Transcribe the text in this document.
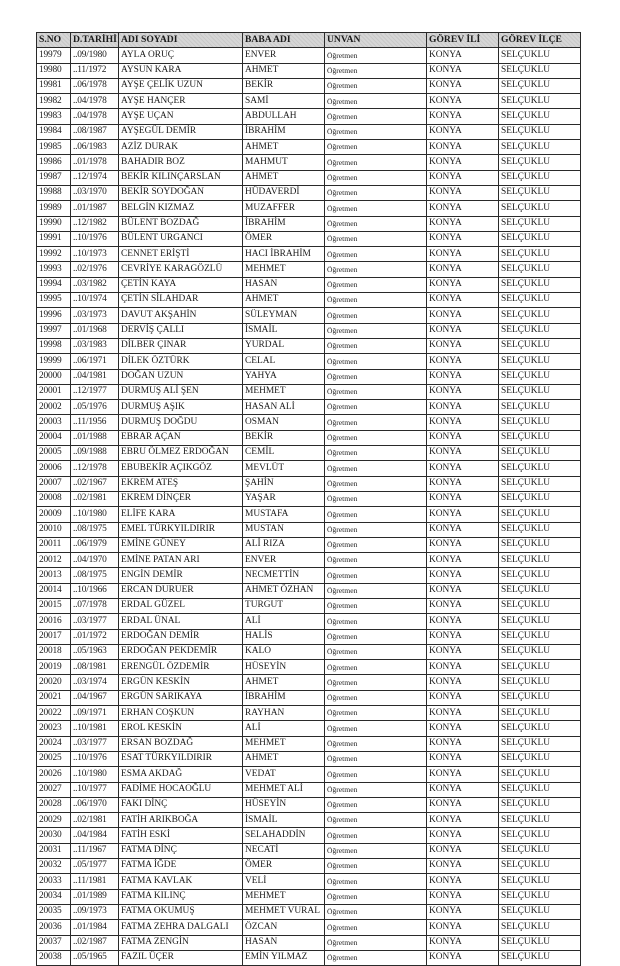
S.NO	D.TARİHİ	ADI SOYADI	BABA ADI	UNVAN	GÖREV İLİ	GÖREV İLÇE
19979	..09/1980	AYLA ORUÇ	ENVER	Öğretmen	KONYA	SELÇUKLU
19980	..11/1972	AYSUN KARA	AHMET	Öğretmen	KONYA	SELÇUKLU
19981	..06/1978	AYŞE ÇELİK UZUN	BEKİR	Öğretmen	KONYA	SELÇUKLU
19982	..04/1978	AYŞE HANÇER	SAMİ	Öğretmen	KONYA	SELÇUKLU
19983	..04/1978	AYŞE UÇAN	ABDULLAH	Öğretmen	KONYA	SELÇUKLU
19984	..08/1987	AYŞEGÜL DEMİR	İBRAHİM	Öğretmen	KONYA	SELÇUKLU
19985	..06/1983	AZİZ DURAK	AHMET	Öğretmen	KONYA	SELÇUKLU
19986	..01/1978	BAHADIR BOZ	MAHMUT	Öğretmen	KONYA	SELÇUKLU
19987	..12/1974	BEKİR KILINÇARSLAN	AHMET	Öğretmen	KONYA	SELÇUKLU
19988	..03/1970	BEKİR SOYDOĞAN	HÜDAVERDİ	Öğretmen	KONYA	SELÇUKLU
19989	..01/1987	BELGİN KIZMAZ	MUZAFFER	Öğretmen	KONYA	SELÇUKLU
19990	..12/1982	BÜLENT BOZDAĞ	İBRAHİM	Öğretmen	KONYA	SELÇUKLU
19991	..10/1976	BÜLENT URGANCI	ÖMER	Öğretmen	KONYA	SELÇUKLU
19992	..10/1973	CENNET ERİŞTİ	HACI İBRAHİM	Öğretmen	KONYA	SELÇUKLU
19993	..02/1976	CEVRİYE KARAGÖZLÜ	MEHMET	Öğretmen	KONYA	SELÇUKLU
19994	..03/1982	ÇETİN KAYA	HASAN	Öğretmen	KONYA	SELÇUKLU
19995	..10/1974	ÇETİN SİLAHDAR	AHMET	Öğretmen	KONYA	SELÇUKLU
19996	..03/1973	DAVUT AKŞAHİN	SÜLEYMAN	Öğretmen	KONYA	SELÇUKLU
19997	..01/1968	DERVİŞ ÇALLI	İSMAİL	Öğretmen	KONYA	SELÇUKLU
19998	..03/1983	DİLBER ÇINAR	YURDAL	Öğretmen	KONYA	SELÇUKLU
19999	..06/1971	DİLEK ÖZTÜRK	CELAL	Öğretmen	KONYA	SELÇUKLU
20000	..04/1981	DOĞAN UZUN	YAHYA	Öğretmen	KONYA	SELÇUKLU
20001	..12/1977	DURMUŞ ALİ ŞEN	MEHMET	Öğretmen	KONYA	SELÇUKLU
20002	..05/1976	DURMUŞ AŞIK	HASAN ALİ	Öğretmen	KONYA	SELÇUKLU
20003	..11/1956	DURMUŞ DOĞDU	OSMAN	Öğretmen	KONYA	SELÇUKLU
20004	..01/1988	EBRAR AÇAN	BEKİR	Öğretmen	KONYA	SELÇUKLU
20005	..09/1988	EBRU ÖLMEZ ERDOĞAN	CEMİL	Öğretmen	KONYA	SELÇUKLU
20006	..12/1978	EBUBEKİR AÇIKGÖZ	MEVLÜT	Öğretmen	KONYA	SELÇUKLU
20007	..02/1967	EKREM ATEŞ	ŞAHİN	Öğretmen	KONYA	SELÇUKLU
20008	..02/1981	EKREM DİNÇER	YAŞAR	Öğretmen	KONYA	SELÇUKLU
20009	..10/1980	ELİFE KARA	MUSTAFA	Öğretmen	KONYA	SELÇUKLU
20010	..08/1975	EMEL TÜRKYILDIRIR	MUSTAN	Öğretmen	KONYA	SELÇUKLU
20011	..06/1979	EMİNE GÜNEY	ALİ RIZA	Öğretmen	KONYA	SELÇUKLU
20012	..04/1970	EMİNE PATAN ARI	ENVER	Öğretmen	KONYA	SELÇUKLU
20013	..08/1975	ENGİN DEMİR	NECMETTİN	Öğretmen	KONYA	SELÇUKLU
20014	..10/1966	ERCAN DURUER	AHMET ÖZHAN	Öğretmen	KONYA	SELÇUKLU
20015	..07/1978	ERDAL GÜZEL	TURGUT	Öğretmen	KONYA	SELÇUKLU
20016	..03/1977	ERDAL ÜNAL	ALİ	Öğretmen	KONYA	SELÇUKLU
20017	..01/1972	ERDOĞAN DEMİR	HALİS	Öğretmen	KONYA	SELÇUKLU
20018	..05/1963	ERDOĞAN PEKDEMİR	KALO	Öğretmen	KONYA	SELÇUKLU
20019	..08/1981	ERENGÜL ÖZDEMİR	HÜSEYİN	Öğretmen	KONYA	SELÇUKLU
20020	..03/1974	ERGÜN KESKİN	AHMET	Öğretmen	KONYA	SELÇUKLU
20021	..04/1967	ERGÜN SARIKAYA	İBRAHİM	Öğretmen	KONYA	SELÇUKLU
20022	..09/1971	ERHAN COŞKUN	RAYHAN	Öğretmen	KONYA	SELÇUKLU
20023	..10/1981	EROL KESKİN	ALİ	Öğretmen	KONYA	SELÇUKLU
20024	..03/1977	ERSAN BOZDAĞ	MEHMET	Öğretmen	KONYA	SELÇUKLU
20025	..10/1976	ESAT TÜRKYILDIRIR	AHMET	Öğretmen	KONYA	SELÇUKLU
20026	..10/1980	ESMA AKDAĞ	VEDAT	Öğretmen	KONYA	SELÇUKLU
20027	..10/1977	FADİME HOCAOĞLU	MEHMET ALİ	Öğretmen	KONYA	SELÇUKLU
20028	..06/1970	FAKI DİNÇ	HÜSEYİN	Öğretmen	KONYA	SELÇUKLU
20029	..02/1981	FATİH ARIKBOĞA	İSMAİL	Öğretmen	KONYA	SELÇUKLU
20030	..04/1984	FATİH ESKİ	SELAHADDİN	Öğretmen	KONYA	SELÇUKLU
20031	..11/1967	FATMA DİNÇ	NECATİ	Öğretmen	KONYA	SELÇUKLU
20032	..05/1977	FATMA İĞDE	ÖMER	Öğretmen	KONYA	SELÇUKLU
20033	..11/1981	FATMA KAVLAK	VELİ	Öğretmen	KONYA	SELÇUKLU
20034	..01/1989	FATMA KILINÇ	MEHMET	Öğretmen	KONYA	SELÇUKLU
20035	..09/1973	FATMA OKUMUŞ	MEHMET VURAL	Öğretmen	KONYA	SELÇUKLU
20036	..01/1984	FATMA ZEHRA DALGALI	ÖZCAN	Öğretmen	KONYA	SELÇUKLU
20037	..02/1987	FATMA ZENGİN	HASAN	Öğretmen	KONYA	SELÇUKLU
20038	..05/1965	FAZIL ÜÇER	EMİN YILMAZ	Öğretmen	KONYA	SELÇUKLU
